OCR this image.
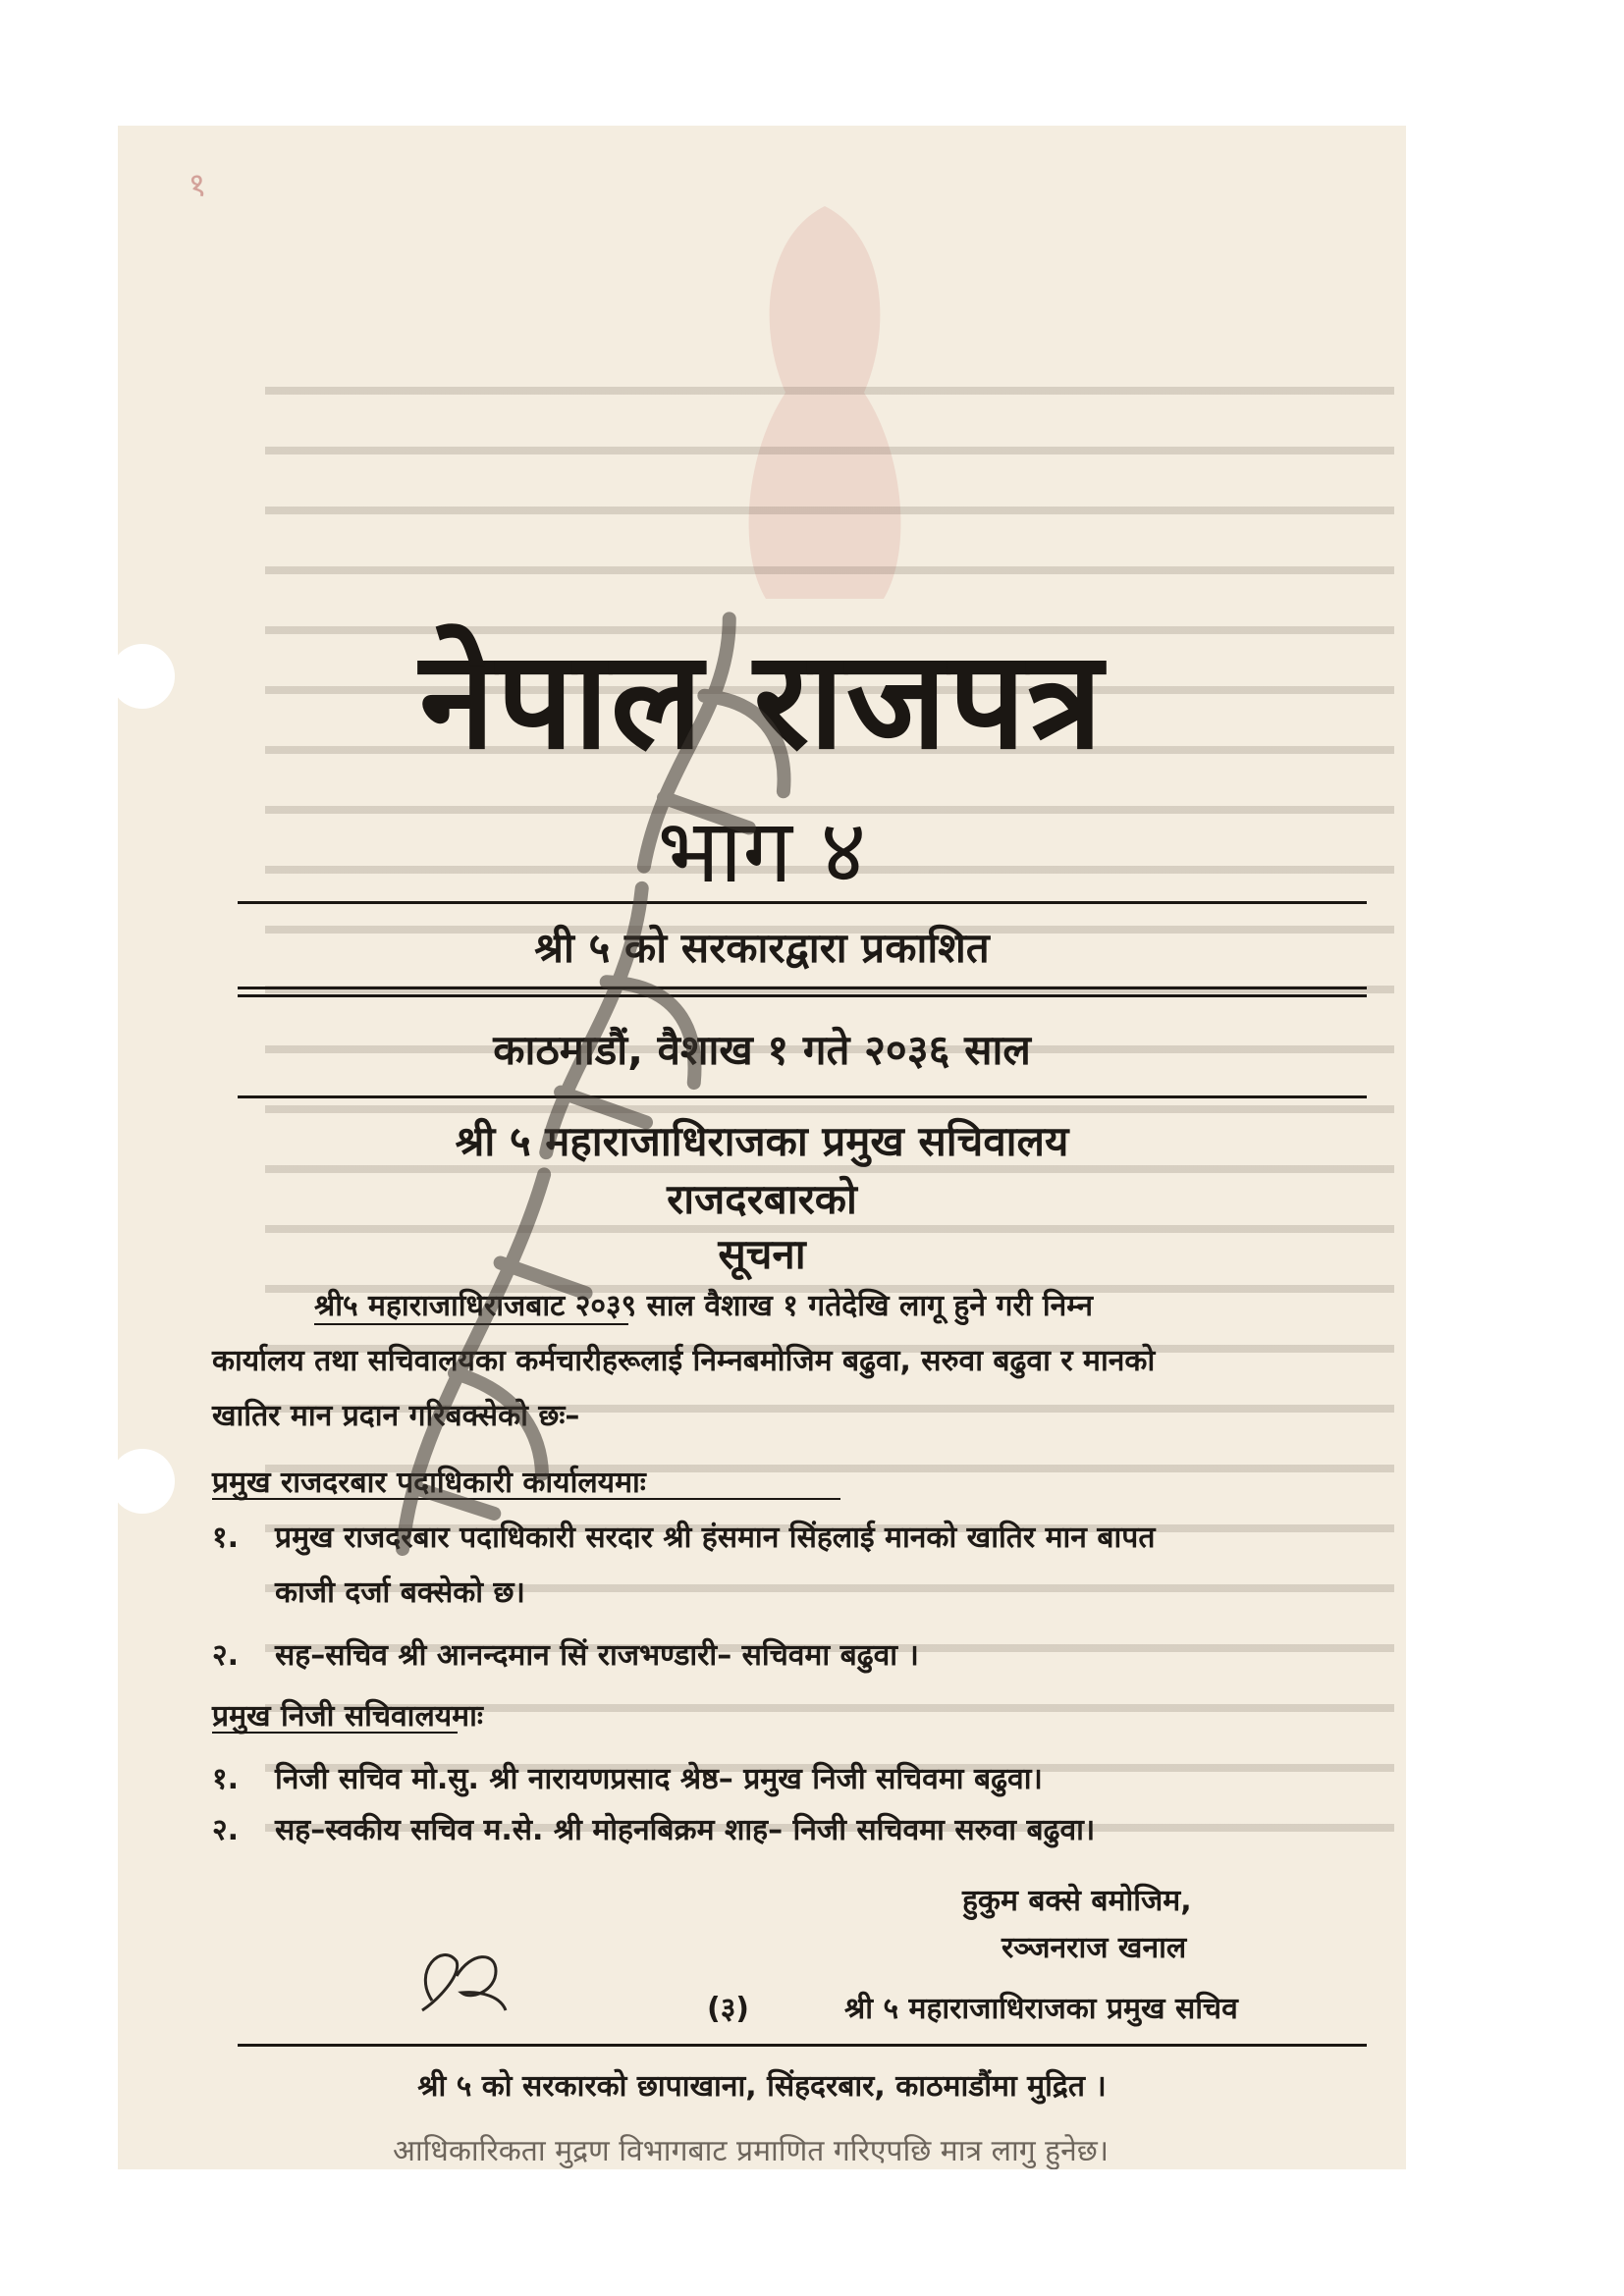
१
नेपाल राजपत्र
भाग ४
श्री ५ को सरकारद्वारा प्रकाशित
काठमाडौं, वैशाख १ गते २०३६ साल
श्री ५ महाराजाधिराजका प्रमुख सचिवालय
राजदरबारको
सूचना
श्री५ महाराजाधिराजबाट २०३९ साल वैशाख १ गतेदेखि लागू हुने गरी निम्न
कार्यालय तथा सचिवालयका कर्मचारीहरूलाई निम्नबमोजिम बढुवा, सरुवा बढुवा र मानको
खातिर मान प्रदान गरिबक्सेको छः–
प्रमुख राजदरबार पदाधिकारी कार्यालयमाः
१. प्रमुख राजदरबार पदाधिकारी सरदार श्री हंसमान सिंहलाई मानको खातिर मान बापत
काजी दर्जा बक्सेको छ।
२. सह–सचिव श्री आनन्दमान सिं राजभण्डारी– सचिवमा बढुवा ।
प्रमुख निजी सचिवालयमाः
१. निजी सचिव मो.सु. श्री नारायणप्रसाद श्रेष्ठ– प्रमुख निजी सचिवमा बढुवा।
२. सह–स्वकीय सचिव म.से. श्री मोहनबिक्रम शाह– निजी सचिवमा सरुवा बढुवा।
हुकुम बक्से बमोजिम,
रञ्जनराज खनाल
(३)	श्री ५ महाराजाधिराजका प्रमुख सचिव
श्री ५ को सरकारको छापाखाना, सिंहदरबार, काठमाडौंमा मुद्रित ।
आधिकारिकता मुद्रण विभागबाट प्रमाणित गरिएपछि मात्र लागु हुनेछ।
